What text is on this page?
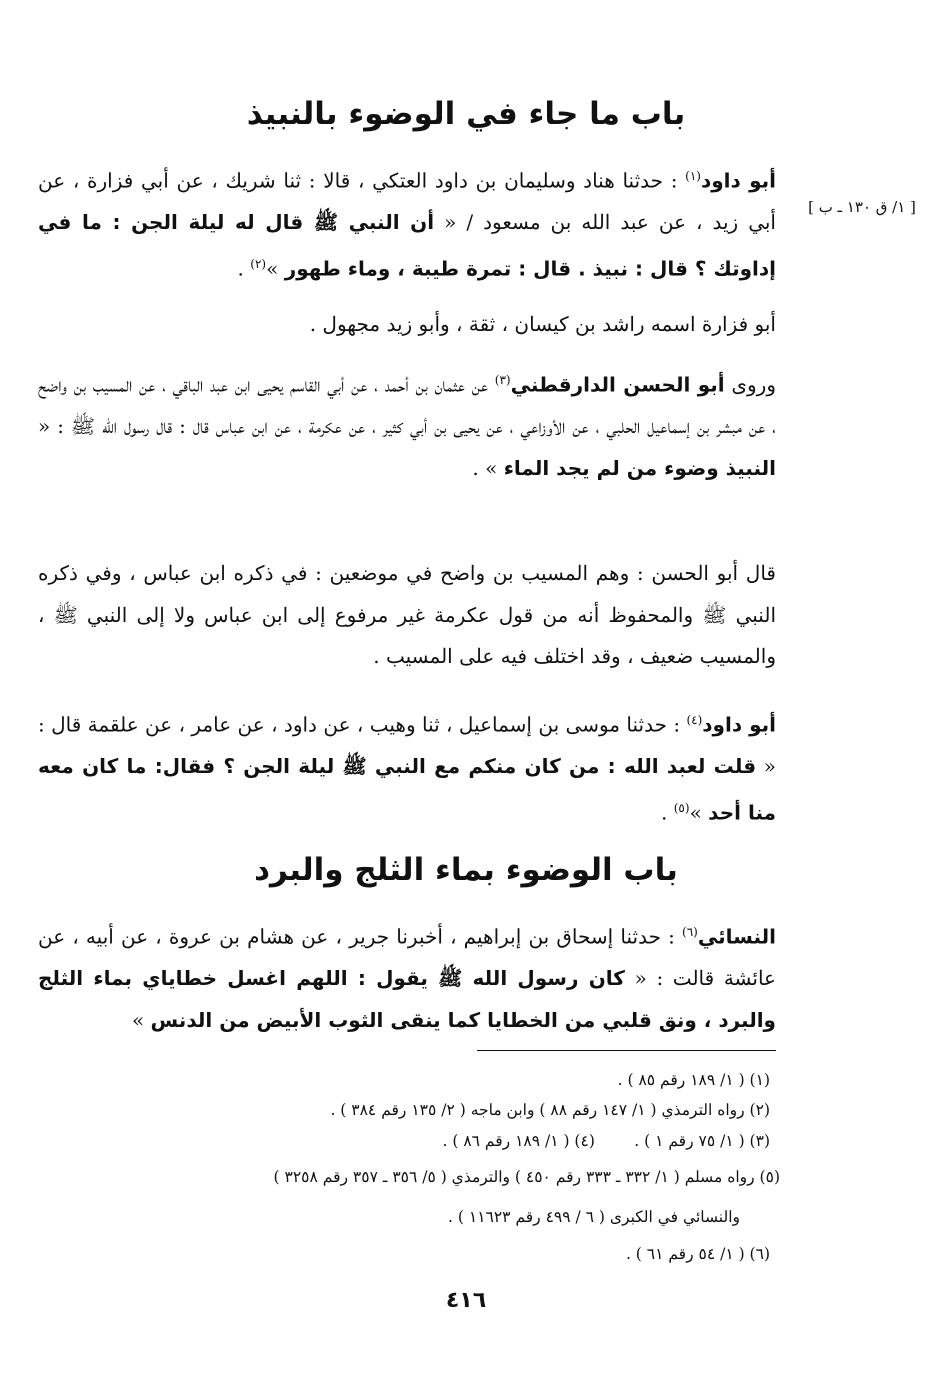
[ ١/ ق ١٣٠ ـ ب ]
باب ما جاء في الوضوء بالنبيذ
أبو داود$^{(١)}$ : حدثنا هناد وسليمان بن داود العتكي ، قالا : ثنا شريك ، عن أبي فزارة ، عن أبي زيد ، عن عبد الله بن مسعود / « أن النبي ﷺ قال له ليلة الجن : ما في إداوتك ؟ قال : نبيذ . قال : تمرة طيبة ، وماء طهور »$^{(٢)}$ .
أبو فزارة اسمه راشد بن كيسان ، ثقة ، وأبو زيد مجهول .
وروى أبو الحسن الدارقطني$^{(٣)}$ عن عثمان بن أحمد ، عن أبي القاسم يحيى ابن عبد الباقي ، عن المسيب بن واضح ، عن مبشر بن إسماعيل الحلبي ، عن الأوزاعي ، عن يحيى بن أبي كثير ، عن عكرمة ، عن ابن عباس قال : قال رسول الله ﷺ : « النبيذ وضوء من لم يجد الماء » .
قال أبو الحسن : وهم المسيب بن واضح في موضعين : في ذكره ابن عباس ، وفي ذكره النبي ﷺ والمحفوظ أنه من قول عكرمة غير مرفوع إلى ابن عباس ولا إلى النبي ﷺ ، والمسيب ضعيف ، وقد اختلف فيه على المسيب .
أبو داود$^{(٤)}$ : حدثنا موسى بن إسماعيل ، ثنا وهيب ، عن داود ، عن عامر ، عن علقمة قال : « قلت لعبد الله : من كان منكم مع النبي ﷺ ليلة الجن ؟ فقال: ما كان معه منا أحد »$^{(٥)}$ .
باب الوضوء بماء الثلج والبرد
النسائي$^{(٦)}$ : حدثنا إسحاق بن إبراهيم ، أخبرنا جرير ، عن هشام بن عروة ، عن أبيه ، عن عائشة قالت : « كان رسول الله ﷺ يقول : اللهم اغسل خطاياي بماء الثلج والبرد ، ونق قلبي من الخطايا كما ينقى الثوب الأبيض من الدنس »
(١) ( ١/ ١٨٩ رقم ٨٥ ) .
(٢) رواه الترمذي ( ١/ ١٤٧ رقم ٨٨ ) وابن ماجه ( ٢/ ١٣٥ رقم ٣٨٤ ) .
(٣) ( ١/ ٧٥ رقم ١ ) .        (٤) ( ١/ ١٨٩ رقم ٨٦ ) .
(٥) رواه مسلم ( ١/ ٣٣٢ ـ ٣٣٣ رقم ٤٥٠ ) والترمذي ( ٥/ ٣٥٦ ـ ٣٥٧ رقم ٣٢٥٨ )
والنسائي في الكبرى ( ٦ / ٤٩٩ رقم ١١٦٢٣ ) .
(٦) ( ١/ ٥٤ رقم ٦١ ) .
٤١٦
